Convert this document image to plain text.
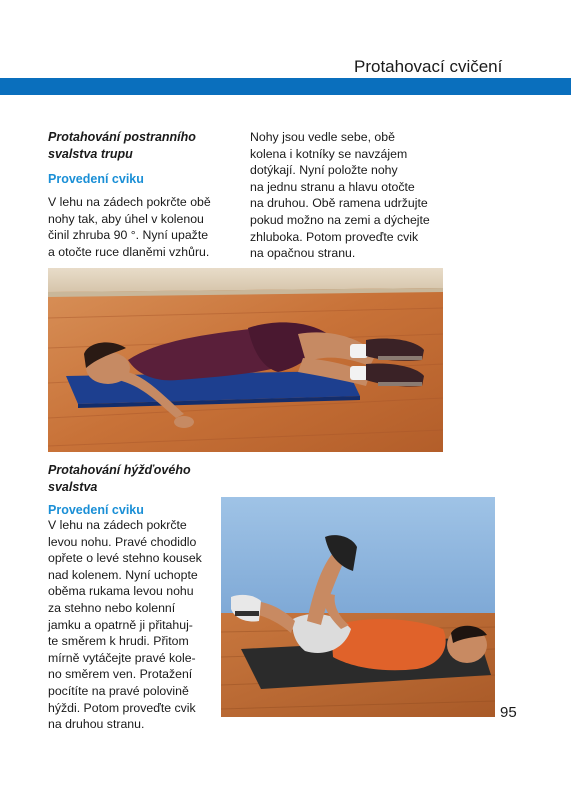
Protahovací cvičení
Protahování postranního
svalstva trupu
Provedení cviku
V lehu na zádech pokrčte obě
nohy tak, aby úhel v kolenou
činil zhruba 90 °. Nyní upažte
a otočte ruce dlaněmi vzhůru.
Nohy jsou vedle sebe, obě
kolena i kotníky se navzájem
dotýkají. Nyní položte nohy
na jednu stranu a hlavu otočte
na druhou. Obě ramena udržujte
pokud možno na zemi a dýchejte
zhluboka. Potom proveďte cvik
na opačnou stranu.
Protahování hýžďového
svalstva
Provedení cviku
V lehu na zádech pokrčte
levou nohu. Pravé chodidlo
opřete o levé stehno kousek
nad kolenem. Nyní uchopte
oběma rukama levou nohu
za stehno nebo kolenní
jamku a opatrně ji přitahuj-
te směrem k hrudi. Přitom
mírně vytáčejte pravé kole-
no směrem ven. Protažení
pocítíte na pravé polovině
hýždi. Potom proveďte cvik
na druhou stranu.
95
